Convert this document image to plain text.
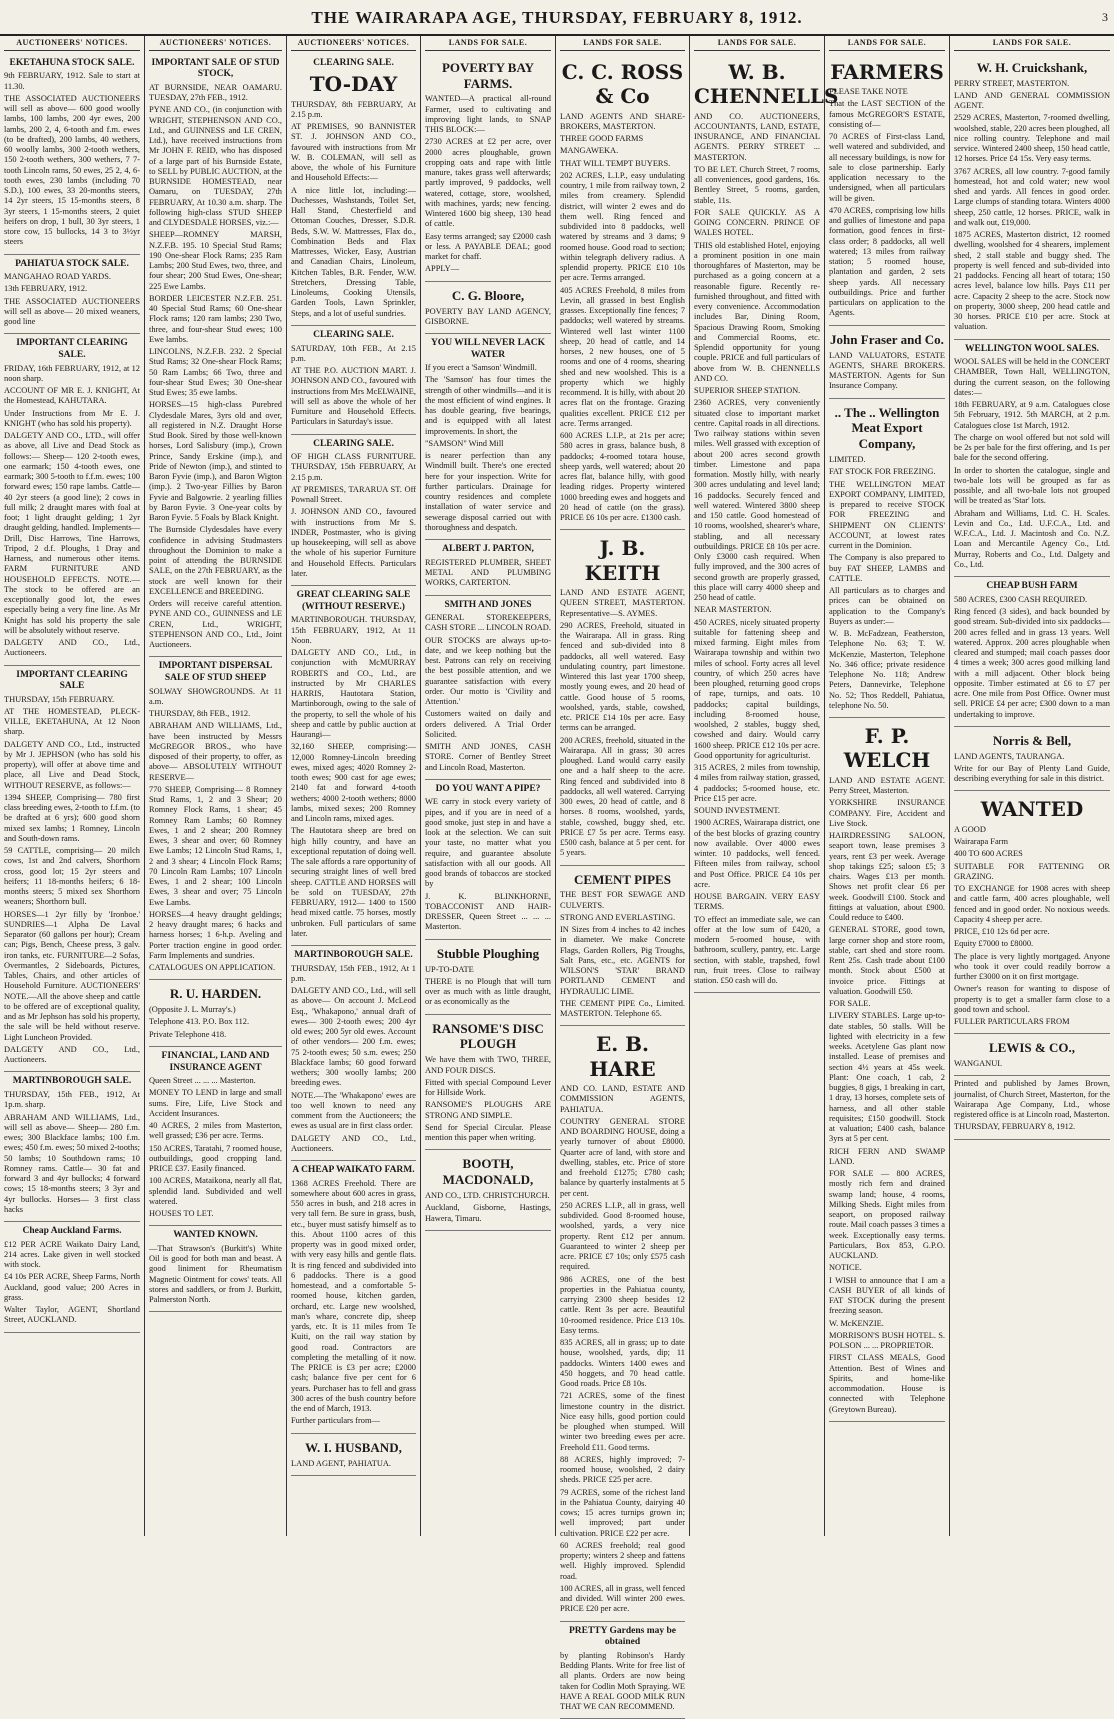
THE WAIRARAPA AGE, THURSDAY, FEBRUARY 8, 1912.	3
AUCTIONEERS' NOTICES.
EKETAHUNA STOCK SALE.
9th FEBRUARY, 1912. Sale to start at 11.30.
THE ASSOCIATED AUCTIONEERS will sell as above— 600 good woolly lambs, 100 lambs, 200 4yr ewes, 200 lambs, 200 2, 4, 6-tooth and f.m. ewes (to be drafted), 200 lambs, 40 wethers, 60 woolly lambs, 300 2-tooth wethers, 150 2-tooth wethers, 300 wethers, 7 7-tooth Lincoln rams, 50 ewes, 25 2, 4, 6-tooth ewes, 230 lambs (including 70 S.D.), 100 ewes, 33 20-months steers, 14 2yr steers, 15 15-months steers, 8 3yr steers, 1 15-months steers, 2 quiet heifers on drop, 1 bull, 30 3yr steers, 1 store cow, 15 bullocks, 14 3 to 3½yr steers
PAHIATUA STOCK SALE.
MANGAHAO ROAD YARDS.
13th FEBRUARY, 1912.
THE ASSOCIATED AUCTIONEERS will sell as above— 20 mixed weaners, good line
IMPORTANT CLEARING SALE.
FRIDAY, 16th FEBRUARY, 1912, at 12 noon sharp.
ACCOUNT OF MR E. J. KNIGHT, At the Homestead, KAHUTARA.
Under Instructions from Mr E. J. KNIGHT (who has sold his property).
DALGETY AND CO., LTD., will offer as above, all Live and Dead Stock as follows:— Sheep— 120 2-tooth ewes, one earmark; 150 4-tooth ewes, one earmark; 300 5-tooth to f.f.m. ewes; 100 forward ewes; 150 rape lambs. Cattle— 40 2yr steers (a good line); 2 cows in full milk; 2 draught mares with foal at foot; 1 light draught gelding; 1 2yr draught gelding, handled. Implements— Drill, Disc Harrows, Tine Harrows, Tripod, 2 d.f. Ploughs, 1 Dray and Harness, and numerous other items. FARM FURNITURE AND HOUSEHOLD EFFECTS. NOTE.—The stock to be offered are an exceptionally good lot, the ewes especially being a very fine line. As Mr Knight has sold his property the sale will be absolutely without reserve.
DALGETY AND CO., Ltd., Auctioneers.
IMPORTANT CLEARING SALE
THURSDAY, 15th FEBRUARY.
AT THE HOMESTEAD, PLECK-VILLE, EKETAHUNA, At 12 Noon sharp.
DALGETY AND CO., Ltd., instructed by Mr J. JEPHSON (who has sold his property), will offer at above time and place, all Live and Dead Stock, WITHOUT RESERVE, as follows:—
1394 SHEEP, Comprising— 780 first class breeding ewes, 2-tooth to f.f.m. (to be drafted at 6 yrs); 600 good shorn mixed sex lambs; 1 Romney, Lincoln and South-down rams.
59 CATTLE, comprising— 20 milch cows, 1st and 2nd calvers, Shorthorn cross, good lot; 15 2yr steers and heifers; 11 18-months heifers; 6 18-months steers; 5 mixed sex Shorthorn weaners; Shorthorn bull.
HORSES—1 2yr filly by 'Ironboe.' SUNDRIES—1 Alpha De Laval Separator (60 gallons per hour); Cream can; Pigs, Bench, Cheese press, 3 galv. iron tanks, etc. FURNITURE—2 Sofas, Overmantles, 2 Sideboards, Pictures, Tables, Chairs, and other articles of Household Furniture. AUCTIONEERS' NOTE.—All the above sheep and cattle to be offered are of exceptional quality, and as Mr Jephson has sold his property, the sale will be held without reserve. Light Luncheon Provided.
DALGETY AND CO., Ltd., Auctioneers.
MARTINBOROUGH SALE.
THURSDAY, 15th FEB., 1912, At 1p.m. sharp.
ABRAHAM AND WILLIAMS, Ltd., will sell as above— Sheep— 280 f.m. ewes; 300 Blackface lambs; 100 f.m. ewes; 450 f.m. ewes; 50 mixed 2-tooths; 50 lambs; 10 Southdown rams; 10 Romney rams. Cattle— 30 fat and forward 3 and 4yr bullocks; 4 forward cows; 15 18-months steers; 3 3yr and 4yr bullocks. Horses— 3 first class hacks
Cheap Auckland Farms.
£12 PER ACRE Waikato Dairy Land, 214 acres. Lake given in well stocked with stock.
£4 10s PER ACRE, Sheep Farms, North Auckland, good value; 200 Acres in grass.
Walter Taylor, AGENT, Shortland Street, AUCKLAND.
AUCTIONEERS' NOTICES.
IMPORTANT SALE OF STUD STOCK,
AT BURNSIDE, NEAR OAMARU. TUESDAY, 27th FEB., 1912.
PYNE AND CO., (in conjunction with WRIGHT, STEPHENSON AND CO., Ltd., and GUINNESS and LE CREN, Ltd.), have received instructions from Mr JOHN F. REID, who has disposed of a large part of his Burnside Estate, to SELL by PUBLIC AUCTION, at the BURNSIDE HOMESTEAD, near Oamaru, on TUESDAY, 27th FEBRUARY, At 10.30 a.m. sharp. The following high-class STUD SHEEP and CLYDESDALE HORSES, viz.:—
SHEEP—ROMNEY MARSH, N.Z.F.B. 195. 10 Special Stud Rams; 190 One-shear Flock Rams; 235 Ram Lambs; 200 Stud Ewes, two, three, and four shear; 200 Stud Ewes, One-shear; 225 Ewe Lambs.
BORDER LEICESTER N.Z.F.B. 251. 40 Special Stud Rams; 60 One-shear Flock rams; 120 ram lambs; 230 Two, three, and four-shear Stud ewes; 100 Ewe lambs.
LINCOLNS, N.Z.F.B. 232. 2 Special Stud Rams; 32 One-shear Flock Rams; 50 Ram Lambs; 66 Two, three and four-shear Stud Ewes; 30 One-shear Stud Ewes; 35 ewe lambs.
HORSES—15 high-class Purebred Clydesdale Mares, 3yrs old and over, all registered in N.Z. Draught Horse Stud Book. Sired by those well-known horses, Lord Salisbury (imp.), Crown Prince, Sandy Erskine (imp.), and Pride of Newton (imp.), and stinted to Baron Fyvie (imp.), and Baron Wigton (imp.). 2 Two-year Fillies by Baron Fyvie and Balgowrie. 2 yearling fillies by Baron Fyvie. 3 One-year colts by Baron Fyvie. 5 Foals by Black Knight.
The Burnside Clydesdales have every confidence in advising Studmasters throughout the Dominion to make a point of attending the BURNSIDE SALE, on the 27th FEBRUARY, as the stock are well known for their EXCELLENCE and BREEDING.
Orders will receive careful attention. PYNE AND CO., GUINNESS and LE CREN, Ltd., WRIGHT, STEPHENSON AND CO., Ltd., Joint Auctioneers.
IMPORTANT DISPERSAL SALE OF STUD SHEEP
SOLWAY SHOWGROUNDS. At 11 a.m.
THURSDAY, 8th FEB., 1912.
ABRAHAM AND WILLIAMS, Ltd., have been instructed by Messrs McGREGOR BROS., who have disposed of their property, to offer, as above— ABSOLUTELY WITHOUT RESERVE—
770 SHEEP, Comprising— 8 Romney Stud Rams, 1, 2 and 3 Shear; 20 Romney Flock Rams, 1 shear; 45 Romney Ram Lambs; 60 Romney Ewes, 1 and 2 shear; 200 Romney Ewes, 3 shear and over; 60 Romney Ewe Lambs; 12 Lincoln Stud Rams, 1, 2 and 3 shear; 4 Lincoln Flock Rams; 70 Lincoln Ram Lambs; 107 Lincoln Ewes, 1 and 2 shear; 100 Lincoln Ewes, 3 shear and over; 75 Lincoln Ewe Lambs.
HORSES—4 heavy draught geldings; 2 heavy draught mares; 6 hacks and harness horses; 1 6-h.p. Aveling and Porter traction engine in good order. Farm Implements and sundries.
CATALOGUES ON APPLICATION.
R. U. HARDEN.
(Opposite J. L. Murray's.)
Telephone 413. P.O. Box 112.
Private Telephone 418.
FINANCIAL, LAND AND INSURANCE AGENT
Queen Street ... ... ... Masterton.
MONEY TO LEND in large and small sums. Fire, Life, Live Stock and Accident Insurances.
40 ACRES, 2 miles from Masterton, well grassed; £36 per acre. Terms.
150 ACRES, Taratahi, 7 roomed house, outbuildings, good cropping land. PRICE £37. Easily financed.
100 ACRES, Mataikona, nearly all flat, splendid land. Subdivided and well watered.
HOUSES TO LET.
WANTED KNOWN.
—That Strawson's (Burkitt's) White Oil is good for both man and beast. A good liniment for Rheumatism Magnetic Ointment for cows' teats. All stores and saddlers, or from J. Burkitt, Palmerston North.
AUCTIONEERS' NOTICES.
CLEARING SALE.
TO-DAY
THURSDAY, 8th FEBRUARY, At 2.15 p.m.
AT PREMISES, 90 BANNISTER ST. J. JOHNSON AND CO., favoured with instructions from Mr W. B. COLEMAN, will sell as above, the whole of his Furniture and Household Effects:—
A nice little lot, including:—Duchesses, Washstands, Toilet Set, Hall Stand, Chesterfield and Ottoman Couches, Dresser, S.D.R. Beds, S.W. W. Mattresses, Flax do., Combination Beds and Flax Mattresses, Wicker, Easy, Austrian and Canadian Chairs, Linoleum, Kitchen Tables, B.R. Fender, W.W. Stretchers, Dressing Table, Linoleums, Cooking Utensils, Garden Tools, Lawn Sprinkler, Steps, and a lot of useful sundries.
CLEARING SALE.
SATURDAY, 10th FEB., At 2.15 p.m.
AT THE P.O. AUCTION MART. J. JOHNSON AND CO., favoured with instructions from Mrs McELWAINE, will sell as above the whole of her Furniture and Household Effects. Particulars in Saturday's issue.
CLEARING SALE.
OF HIGH CLASS FURNITURE. THURSDAY, 15th FEBRUARY, At 2.15 p.m.
AT PREMISES, TARARUA ST. Off Pownall Street.
J. JOHNSON AND CO., favoured with instructions from Mr S. INDER, Postmaster, who is giving up housekeeping, will sell as above the whole of his superior Furniture and Household Effects. Particulars later.
GREAT CLEARING SALE (WITHOUT RESERVE.)
MARTINBOROUGH. THURSDAY, 15th FEBRUARY, 1912, At 11 Noon.
DALGETY AND CO., Ltd., in conjunction with McMURRAY ROBERTS and CO., Ltd., are instructed by Mr CHARLES HARRIS, Hautotara Station, Martinborough, owing to the sale of the property, to sell the whole of his sheep and cattle by public auction at Haurangi—
32,160 SHEEP, comprising:— 12,000 Romney-Lincoln breeding ewes, mixed ages; 4020 Romney 2-tooth ewes; 900 cast for age ewes; 2140 fat and forward 4-tooth wethers; 4000 2-tooth wethers; 8000 lambs, mixed sexes; 200 Romney and Lincoln rams, mixed ages.
The Hautotara sheep are bred on high hilly country, and have an exceptional reputation of doing well. The sale affords a rare opportunity of securing straight lines of well bred sheep. CATTLE AND HORSES will be sold on TUESDAY, 27th FEBRUARY, 1912— 1400 to 1500 head mixed cattle. 75 horses, mostly unbroken. Full particulars of same later.
MARTINBOROUGH SALE.
THURSDAY, 15th FEB., 1912, At 1 p.m.
DALGETY AND CO., Ltd., will sell as above— On account J. McLeod Esq., 'Whakapono,' annual draft of ewes— 300 2-tooth ewes; 200 4yr old ewes; 200 5yr old ewes. Account of other vendors— 200 f.m. ewes; 75 2-tooth ewes; 50 s.m. ewes; 250 Blackface lambs; 60 good forward wethers; 300 woolly lambs; 200 breeding ewes.
NOTE.—The 'Whakapono' ewes are too well known to need any comment from the Auctioneers; the ewes as usual are in first class order.
DALGETY AND CO., Ltd., Auctioneers.
A CHEAP WAIKATO FARM.
1368 ACRES Freehold. There are somewhere about 600 acres in grass, 550 acres in bush, and 218 acres in very tall fern. Be sure in grass, bush, etc., buyer must satisfy himself as to this. About 1100 acres of this property was in good mixed order, with very easy hills and gentle flats. It is ring fenced and subdivided into 6 paddocks. There is a good homestead, and a comfortable 5-roomed house, kitchen garden, orchard, etc. Large new woolshed, man's whare, concrete dip, sheep yards, etc. It is 11 miles from Te Kuiti, on the rail way station by good road. Contractors are completing the metalling of it now. The PRICE is £3 per acre; £2000 cash; balance five per cent for 6 years. Purchaser has to fell and grass 300 acres of the bush country before the end of March, 1913.
Further particulars from—
W. I. HUSBAND,
LAND AGENT, PAHIATUA.
LANDS FOR SALE.
POVERTY BAY FARMS.
WANTED—A practical all-round Farmer, used to cultivating and improving light lands, to SNAP THIS BLOCK:—
2730 ACRES at £2 per acre, over 2000 acres ploughable, grown cropping oats and rape with little manure, takes grass well afterwards; partly improved, 9 paddocks, well watered, cottage, store, woolshed, with machines, yards; new fencing. Wintered 1600 big sheep, 130 head of cattle.
Easy terms arranged; say £2000 cash or less. A PAYABLE DEAL; good market for chaff.
APPLY—
C. G. Bloore,
POVERTY BAY LAND AGENCY, GISBORNE.
YOU WILL NEVER LACK WATER
If you erect a 'Samson' Windmill.
The 'Samson' has four times the strength of other windmills—and it is the most efficient of wind engines. It has double gearing, five bearings, and is equipped with all latest improvements. In short, the
"SAMSON" Wind Mill
is nearer perfection than any Windmill built. There's one erected here for your inspection. Write for further particulars. Drainage for country residences and complete installation of water service and sewerage disposal carried out with thoroughness and despatch.
ALBERT J. PARTON,
REGISTERED PLUMBER, SHEET METAL AND PLUMBING WORKS, CARTERTON.
SMITH AND JONES
GENERAL STOREKEEPERS, CASH STORE ... LINCOLN ROAD.
OUR STOCKS are always up-to-date, and we keep nothing but the best. Patrons can rely on receiving the best possible attention, and we guarantee satisfaction with every order. Our motto is 'Civility and Attention.'
Customers waited on daily and orders delivered. A Trial Order Solicited.
SMITH AND JONES, CASH STORE. Corner of Bentley Street and Lincoln Road, Masterton.
DO YOU WANT A PIPE?
WE carry in stock every variety of pipes, and if you are in need of a good smoke, just step in and have a look at the selection. We can suit your taste, no matter what you require, and guarantee absolute satisfaction with all our goods. All good brands of tobaccos are stocked by
J. K. BLINKHORNE, TOBACCONIST AND HAIR-DRESSER, Queen Street ... ... ... Masterton.
Stubble Ploughing
UP-TO-DATE
THERE is no Plough that will turn over as much with as little draught, or as economically as the
RANSOME'S DISC PLOUGH
We have them with TWO, THREE, AND FOUR DISCS.
Fitted with special Compound Lever for Hillside Work.
RANSOME'S PLOUGHS ARE STRONG AND SIMPLE.
Send for Special Circular. Please mention this paper when writing.
BOOTH, MACDONALD,
AND CO., LTD. CHRISTCHURCH.
Auckland, Gisborne, Hastings, Hawera, Timaru.
LANDS FOR SALE.
C. C. ROSS & Co
LAND AGENTS AND SHARE-BROKERS, MASTERTON.
THREE GOOD FARMS
MANGAWEKA.
THAT WILL TEMPT BUYERS.
202 ACRES, L.I.P., easy undulating country, 1 mile from railway town, 2 miles from creamery. Splendid district, will winter 2 ewes and do them well. Ring fenced and subdivided into 8 paddocks, well watered by streams and 3 dams; 9 roomed house. Good road to section; within telegraph delivery radius. A splendid property. PRICE £10 10s per acre. Terms arranged.
405 ACRES Freehold, 8 miles from Levin, all grassed in best English grasses. Exceptionally fine fences; 7 paddocks; well watered by streams. Wintered well last winter 1100 sheep, 20 head of cattle, and 14 horses, 2 new houses, one of 5 rooms and one of 4 rooms, shearing shed and new woolshed. This is a property which we highly recommend. It is hilly, with about 20 acres flat on the frontage. Grazing qualities excellent. PRICE £12 per acre. Terms arranged.
600 ACRES L.I.P., at 21s per acre; 580 acres in grass, balance bush, 8 paddocks; 4-roomed totara house, sheep yards, well watered; about 20 acres flat, balance hilly, with good leading ridges. Property wintered 1000 breeding ewes and hoggets and 20 head of cattle (on the grass). PRICE £6 10s per acre. £1300 cash.
J. B. KEITH
LAND AND ESTATE AGENT, QUEEN STREET, MASTERTON. Representative—S. AYMES.
290 ACRES, Freehold, situated in the Wairarapa. All in grass. Ring fenced and sub-divided into 8 paddocks, all well watered. Easy undulating country, part limestone. Wintered this last year 1700 sheep, mostly young ewes, and 20 head of cattle. Good house of 5 rooms, woolshed, yards, stable, cowshed, etc. PRICE £14 10s per acre. Easy terms can be arranged.
200 ACRES, freehold, situated in the Wairarapa. All in grass; 30 acres ploughed. Land would carry easily one and a half sheep to the acre. Ring fenced and subdivided into 8 paddocks, all well watered. Carrying 300 ewes, 20 head of cattle, and 8 horses. 8 rooms, woolshed, yards, stable, cowshed, buggy shed, etc. PRICE £7 5s per acre. Terms easy. £500 cash, balance at 5 per cent. for 5 years.
CEMENT PIPES
THE BEST FOR SEWAGE AND CULVERTS.
STRONG AND EVERLASTING.
IN Sizes from 4 inches to 42 inches in diameter. We make Concrete Flags, Garden Rollers, Pig Troughs, Salt Pans, etc., etc. AGENTS for WILSON'S 'STAR' BRAND PORTLAND CEMENT and HYDRAULIC LIME.
THE CEMENT PIPE Co., Limited. MASTERTON. Telephone 65.
E. B. HARE
AND CO. LAND, ESTATE AND COMMISSION AGENTS, PAHIATUA.
COUNTRY GENERAL STORE AND BOARDING HOUSE, doing a yearly turnover of about £8000. Quarter acre of land, with store and dwelling, stables, etc. Price of store and freehold £1275; £780 cash; balance by quarterly instalments at 5 per cent.
250 ACRES L.I.P., all in grass, well subdivided. Good 8-roomed house, woolshed, yards, a very nice property. Rent £12 per annum. Guaranteed to winter 2 sheep per acre. PRICE £7 10s; only £575 cash required.
986 ACRES, one of the best properties in the Pahiatua county, carrying 2300 sheep besides 12 cattle. Rent 3s per acre. Beautiful 10-roomed residence. Price £13 10s. Easy terms.
835 ACRES, all in grass; up to date house, woolshed, yards, dip; 11 paddocks. Winters 1400 ewes and 450 hoggets, and 70 head cattle. Good roads. Price £8 10s.
721 ACRES, some of the finest limestone country in the district. Nice easy hills, good portion could be ploughed when stumped. Will winter two breeding ewes per acre. Freehold £11. Good terms.
88 ACRES, highly improved; 7-roomed house, woolshed, 2 dairy sheds. PRICE £25 per acre.
79 ACRES, some of the richest land in the Pahiatua County, dairying 40 cows; 15 acres turnips grown in; well improved; part under cultivation. PRICE £22 per acre.
60 ACRES freehold; real good property; winters 2 sheep and fattens well. Highly improved. Splendid road.
100 ACRES, all in grass, well fenced and divided. Will winter 200 ewes. PRICE £20 per acre.
PRETTY Gardens may be obtained
by planting Robinson's Hardy Bedding Plants. Write for free list of all plants. Orders are now being taken for Codlin Moth Spraying. WE HAVE A REAL GOOD MILK RUN THAT WE CAN RECOMMEND.
LANDS FOR SALE.
W. B. CHENNELLS
AND CO. AUCTIONEERS, ACCOUNTANTS, LAND, ESTATE, INSURANCE, AND FINANCIAL AGENTS. PERRY STREET ... MASTERTON.
TO BE LET. Church Street, 7 rooms, all conveniences, good gardens, 16s. Bentley Street, 5 rooms, garden, stable, 11s.
FOR SALE QUICKLY. AS A GOING CONCERN. PRINCE OF WALES HOTEL.
THIS old established Hotel, enjoying a prominent position in one main thoroughfares of Masterton, may be purchased as a going concern at a reasonable figure. Recently re-furnished throughout, and fitted with every convenience. Accommodation includes Bar, Dining Room, Spacious Drawing Room, Smoking and Commercial Rooms, etc. Splendid opportunity for young couple. PRICE and full particulars of above from W. B. CHENNELLS AND CO.
SUPERIOR SHEEP STATION.
2360 ACRES, very conveniently situated close to important market centre. Capital roads in all directions. Two railway stations within seven miles. Well grassed with exception of about 200 acres second growth timber. Limestone and papa formation. Mostly hilly, with nearly 300 acres undulating and level land; 16 paddocks. Securely fenced and well watered. Wintered 3800 sheep and 150 cattle. Good homestead of 10 rooms, woolshed, shearer's whare, stabling, and all necessary outbuildings. PRICE £8 10s per acre. Only £3000 cash required. When fully improved, and the 300 acres of second growth are properly grassed, this place will carry 4000 sheep and 250 head of cattle.
NEAR MASTERTON.
450 ACRES, nicely situated property suitable for fattening sheep and mixed farming. Eight miles from Wairarapa township and within two miles of school. Forty acres all level country, of which 250 acres have been ploughed, returning good crops of rape, turnips, and oats. 10 paddocks; capital buildings, including 8-roomed house, woolshed, 2 stables, buggy shed, cowshed and dairy. Would carry 1600 sheep. PRICE £12 10s per acre. Good opportunity for agriculturist.
315 ACRES, 2 miles from township, 4 miles from railway station, grassed, 4 paddocks; 5-roomed house, etc. Price £15 per acre.
SOUND INVESTMENT.
1900 ACRES, Wairarapa district, one of the best blocks of grazing country now available. Over 4000 ewes winter. 10 paddocks, well fenced. Fifteen miles from railway, school and Post Office. PRICE £4 10s per acre.
HOUSE BARGAIN. VERY EASY TERMS.
TO effect an immediate sale, we can offer at the low sum of £420, a modern 5-roomed house, with bathroom, scullery, pantry, etc. Large section, with stable, trapshed, fowl run, fruit trees. Close to railway station. £50 cash will do.
LANDS FOR SALE.
FARMERS
PLEASE TAKE NOTE
That the LAST SECTION of the famous McGREGOR'S ESTATE, consisting of—
70 ACRES of First-class Land, well watered and subdivided, and all necessary buildings, is now for sale to close partnership. Early application necessary to the undersigned, when all particulars will be given.
470 ACRES, comprising low hills and gullies of limestone and papa formation, good fences in first-class order; 8 paddocks, all well watered; 13 miles from railway station; 5 roomed house, plantation and garden, 2 sets sheep yards. All necessary outbuildings. Price and further particulars on application to the Agents.
John Fraser and Co.
LAND VALUATORS, ESTATE AGENTS, SHARE BROKERS. MASTERTON. Agents for Sun Insurance Company.
.. The .. Wellington Meat Export Company,
LIMITED.
FAT STOCK FOR FREEZING.
THE WELLINGTON MEAT EXPORT COMPANY, LIMITED, is prepared to receive STOCK FOR FREEZING and SHIPMENT ON CLIENTS' ACCOUNT, at lowest rates current in the Dominion.
The Company is also prepared to buy FAT SHEEP, LAMBS and CATTLE.
All particulars as to charges and prices can be obtained on application to the Company's Buyers as under:—
W. B. McFadzean, Featherston, Telephone No. 63; T. W. McKenzie, Masterton, Telephone No. 346 office; private residence Telephone No. 118; Andrew Peters, Dannevirke, Telephone No. 52; Thos Reddell, Pahiatua, telephone No. 50.
F. P. WELCH
LAND AND ESTATE AGENT. Perry Street, Masterton.
YORKSHIRE INSURANCE COMPANY. Fire, Accident and Live Stock.
HAIRDRESSING SALOON, seaport town, lease premises 3 years, rent £3 per week. Average shop takings £25; saloon £5; 3 chairs. Wages £13 per month. Shows net profit clear £6 per week. Goodwill £100. Stock and fittings at valuation, about £900. Could reduce to £400.
GENERAL STORE, good town, large corner shop and store room, stable, cart shed and store room. Rent 25s. Cash trade about £100 month. Stock about £500 at invoice price. Fittings at valuation. Goodwill £50.
FOR SALE.
LIVERY STABLES. Large up-to-date stables, 50 stalls. Will be lighted with electricity in a few weeks. Acetylene Gas plant now installed. Lease of premises and section 4½ years at 45s week. Plant: One coach, 1 cab, 2 buggies, 8 gigs, 1 breaking in cart, 1 dray, 13 horses, complete sets of harness, and all other stable requisites; £150 goodwill. Stock at valuation; £400 cash, balance 3yrs at 5 per cent.
RICH FERN AND SWAMP LAND.
FOR SALE — 800 ACRES, mostly rich fern and drained swamp land; house, 4 rooms, Milking Sheds. Eight miles from seaport, on proposed railway route. Mail coach passes 3 times a week. Exceptionally easy terms. Particulars, Box 853, G.P.O. AUCKLAND.
NOTICE.
I WISH to announce that I am a CASH BUYER of all kinds of FAT STOCK during the present freezing season.
W. McKENZIE.
MORRISON'S BUSH HOTEL. S. POLSON ... ... PROPRIETOR.
FIRST CLASS MEALS, Good Attention. Best of Wines and Spirits, and home-like accommodation. House is connected with Telephone (Greytown Bureau).
LANDS FOR SALE.
W. H. Cruickshank,
PERRY STREET, MASTERTON.
LAND AND GENERAL COMMISSION AGENT.
2529 ACRES, Masterton, 7-roomed dwelling, woolshed, stable, 220 acres been ploughed, all nice rolling country. Telephone and mail service. Wintered 2400 sheep, 150 head cattle, 12 horses. Price £4 15s. Very easy terms.
3767 ACRES, all low country. 7-good family homestead, hot and cold water; new wool shed and yards. All fences in good order. Large clumps of standing totara. Winters 4000 sheep, 250 cattle, 12 horses. PRICE, walk in and walk out, £19,000.
1875 ACRES, Masterton district, 12 roomed dwelling, woolshed for 4 shearers, implement shed, 2 stall stable and buggy shed. The property is well fenced and sub-divided into 21 paddocks. Fencing all heart of totara; 150 acres level, balance low hills. Pays £11 per acre. Capacity 2 sheep to the acre. Stock now on property, 3000 sheep, 200 head cattle and 30 horses. PRICE £10 per acre. Stock at valuation.
WELLINGTON WOOL SALES.
WOOL SALES will be held in the CONCERT CHAMBER, Town Hall, WELLINGTON, during the current season, on the following dates:—
18th FEBRUARY, at 9 a.m. Catalogues close 5th February, 1912. 5th MARCH, at 2 p.m. Catalogues close 1st March, 1912.
The charge on wool offered but not sold will be 2s per bale for the first offering, and 1s per bale for the second offering.
In order to shorten the catalogue, single and two-bale lots will be grouped as far as possible, and all two-bale lots not grouped will be treated as 'Star' lots.
Abraham and Williams, Ltd. C. H. Scales. Levin and Co., Ltd. U.F.C.A., Ltd. and W.F.C.A., Ltd. J. Macintosh and Co. N.Z. Loan and Mercantile Agency Co., Ltd. Murray, Roberts and Co., Ltd. Dalgety and Co., Ltd.
CHEAP BUSH FARM
580 ACRES, £300 CASH REQUIRED.
Ring fenced (3 sides), and back bounded by good stream. Sub-divided into six paddocks—200 acres felled and in grass 13 years. Well watered. Approx. 200 acres ploughable when cleared and stumped; mail coach passes door 4 times a week; 300 acres good milking land with a mill adjacent. Other block being opposite. Timber estimated at £6 to £7 per acre. One mile from Post Office. Owner must sell. PRICE £4 per acre; £300 down to a man undertaking to improve.
Norris & Bell,
LAND AGENTS, TAURANGA.
Write for our Bay of Plenty Land Guide, describing everything for sale in this district.
WANTED
A GOOD
Wairarapa Farm
400 TO 600 ACRES
SUITABLE FOR FATTENING OR GRAZING.
TO EXCHANGE for 1908 acres with sheep and cattle farm, 400 acres ploughable, well fenced and in good order. No noxious weeds. Capacity 4 sheep per acre.
PRICE, £10 12s 6d per acre.
Equity £7000 to £8000.
The place is very lightly mortgaged. Anyone who took it over could readily borrow a further £3000 on it on first mortgage.
Owner's reason for wanting to dispose of property is to get a smaller farm close to a good town and school.
FULLER PARTICULARS FROM
LEWIS & CO.,
WANGANUI.
Printed and published by James Brown, journalist, of Church Street, Masterton, for the Wairarapa Age Company, Ltd., whose registered office is at Lincoln road, Masterton.
THURSDAY, FEBRUARY 8, 1912.
